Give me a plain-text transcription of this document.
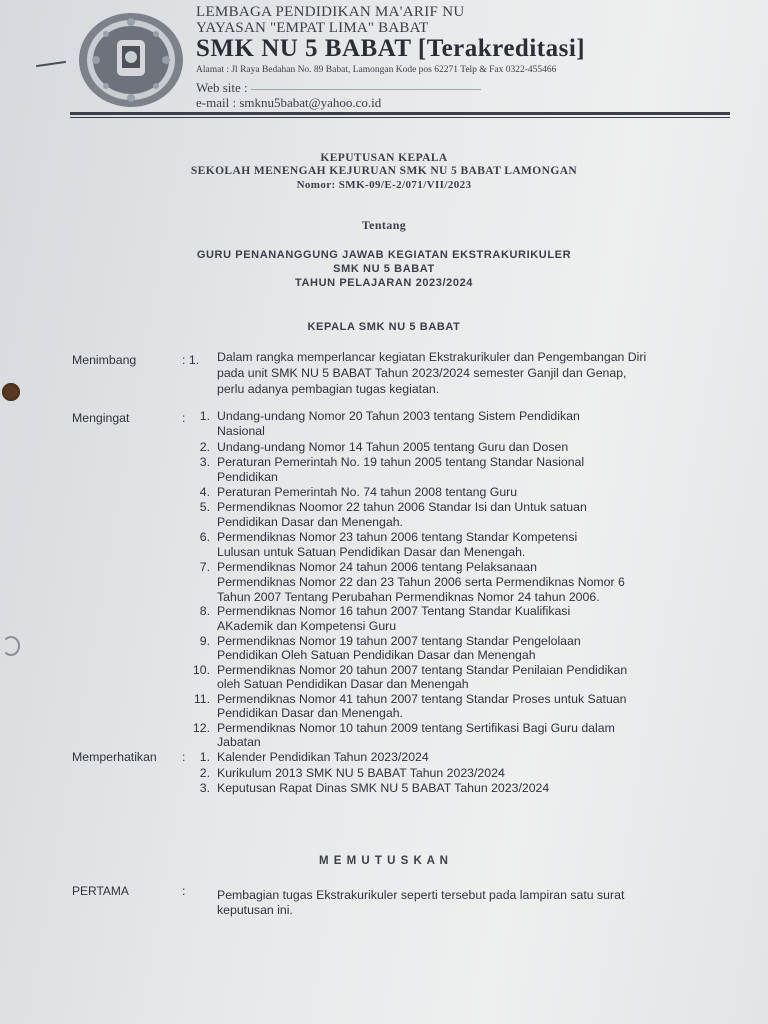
LEMBAGA PENDIDIKAN MA'ARIF NU
YAYASAN "EMPAT LIMA" BABAT
SMK NU 5 BABAT [Terakreditasi]
Alamat : Jl Raya Bedahan No. 89 Babat, Lamongan Kode pos 62271 Telp & Fax 0322-455466
Web site :
e-mail : smknu5babat@yahoo.co.id
KEPUTUSAN KEPALA
SEKOLAH MENENGAH KEJURUAN SMK NU 5 BABAT LAMONGAN
Nomor: SMK-09/E-2/071/VII/2023
Tentang
GURU PENANANGGUNG JAWAB KEGIATAN EKSTRAKURIKULER
SMK NU 5 BABAT
TAHUN PELAJARAN 2023/2024
KEPALA SMK NU 5 BABAT
Menimbang	: 1. Dalam rangka memperlancar kegiatan Ekstrakurikuler dan Pengembangan Diri
pada unit SMK NU 5 BABAT Tahun 2023/2024 semester Ganjil dan Genap,
perlu adanya pembagian tugas kegiatan.
Mengingat	:	1. Undang-undang Nomor 20 Tahun 2003 tentang Sistem Pendidikan
Nasional
2. Undang-undang Nomor 14 Tahun 2005 tentang Guru dan Dosen
3. Peraturan Pemerintah No. 19 tahun 2005 tentang Standar Nasional
Pendidikan
4. Peraturan Pemerintah No. 74 tahun 2008 tentang Guru
5. Permendiknas Noomor 22 tahun 2006 Standar Isi dan Untuk satuan
Pendidikan Dasar dan Menengah.
6. Permendiknas Nomor 23 tahun 2006 tentang Standar Kompetensi
Lulusan untuk Satuan Pendidikan Dasar dan Menengah.
7. Permendiknas Nomor 24 tahun 2006 tentang Pelaksanaan
Permendiknas Nomor 22 dan 23 Tahun 2006 serta Permendiknas Nomor 6
Tahun 2007 Tentang Perubahan Permendiknas Nomor 24 tahun 2006.
8. Permendiknas Nomor 16 tahun 2007 Tentang Standar Kualifikasi
AKademik dan Kompetensi Guru
9. Permendiknas Nomor 19 tahun 2007 tentang Standar Pengelolaan
Pendidikan Oleh Satuan Pendidikan Dasar dan Menengah
10. Permendiknas Nomor 20 tahun 2007 tentang Standar Penilaian Pendidikan
oleh Satuan Pendidikan Dasar dan Menengah
11. Permendiknas Nomor 41 tahun 2007 tentang Standar Proses untuk Satuan
Pendidikan Dasar dan Menengah.
12. Permendiknas Nomor 10 tahun 2009 tentang Sertifikasi Bagi Guru dalam
Jabatan
Memperhatikan :	1. Kalender Pendidikan Tahun 2023/2024
2. Kurikulum 2013 SMK NU 5 BABAT Tahun 2023/2024
3. Keputusan Rapat Dinas SMK NU 5 BABAT Tahun 2023/2024
M E M U T U S K A N
PERTAMA	:	Pembagian tugas Ekstrakurikuler seperti tersebut pada lampiran satu surat
keputusan ini.
